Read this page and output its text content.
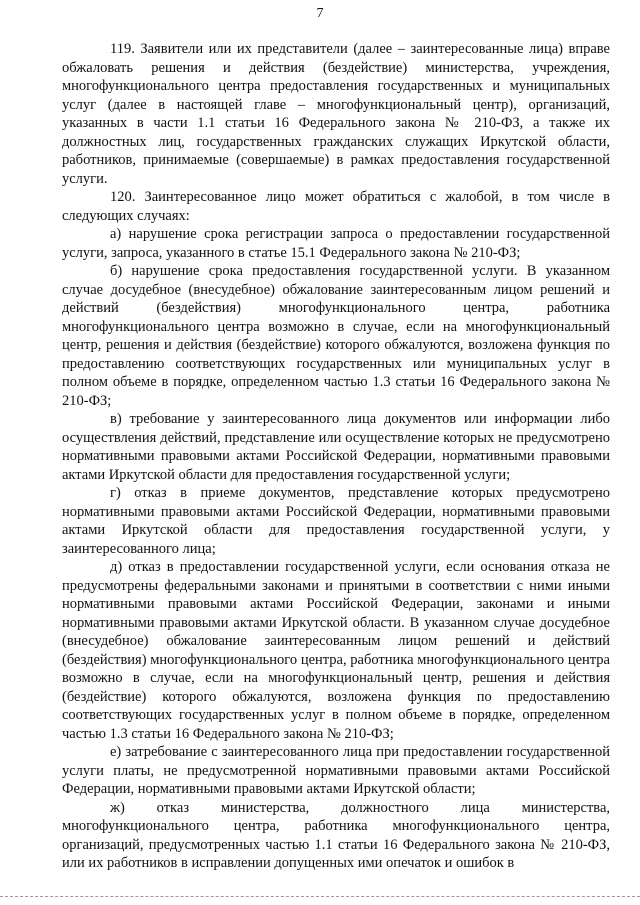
7

119. Заявители или их представители (далее – заинтересованные лица) вправе обжаловать решения и действия (бездействие) министерства, учреждения, многофункционального центра предоставления государственных и муниципальных услуг (далее в настоящей главе – многофункциональный центр), организаций, указанных в части 1.1 статьи 16 Федерального закона № 210-ФЗ, а также их должностных лиц, государственных гражданских служащих Иркутской области, работников, принимаемые (совершаемые) в рамках предоставления государственной услуги.

120. Заинтересованное лицо может обратиться с жалобой, в том числе в следующих случаях:

а) нарушение срока регистрации запроса о предоставлении государственной услуги, запроса, указанного в статье 15.1 Федерального закона № 210-ФЗ;

б) нарушение срока предоставления государственной услуги. В указанном случае досудебное (внесудебное) обжалование заинтересованным лицом решений и действий (бездействия) многофункционального центра, работника многофункционального центра возможно в случае, если на многофункциональный центр, решения и действия (бездействие) которого обжалуются, возложена функция по предоставлению соответствующих государственных или муниципальных услуг в полном объеме в порядке, определенном частью 1.3 статьи 16 Федерального закона № 210-ФЗ;

в) требование у заинтересованного лица документов или информации либо осуществления действий, представление или осуществление которых не предусмотрено нормативными правовыми актами Российской Федерации, нормативными правовыми актами Иркутской области для предоставления государственной услуги;

г) отказ в приеме документов, представление которых предусмотрено нормативными правовыми актами Российской Федерации, нормативными правовыми актами Иркутской области для предоставления государственной услуги, у заинтересованного лица;

д) отказ в предоставлении государственной услуги, если основания отказа не предусмотрены федеральными законами и принятыми в соответствии с ними иными нормативными правовыми актами Российской Федерации, законами и иными нормативными правовыми актами Иркутской области. В указанном случае досудебное (внесудебное) обжалование заинтересованным лицом решений и действий (бездействия) многофункционального центра, работника многофункционального центра возможно в случае, если на многофункциональный центр, решения и действия (бездействие) которого обжалуются, возложена функция по предоставлению соответствующих государственных услуг в полном объеме в порядке, определенном частью 1.3 статьи 16 Федерального закона № 210-ФЗ;

е) затребование с заинтересованного лица при предоставлении государственной услуги платы, не предусмотренной нормативными правовыми актами Российской Федерации, нормативными правовыми актами Иркутской области;

ж) отказ министерства, должностного лица министерства, многофункционального центра, работника многофункционального центра, организаций, предусмотренных частью 1.1 статьи 16 Федерального закона № 210-ФЗ, или их работников в исправлении допущенных ими опечаток и ошибок в
